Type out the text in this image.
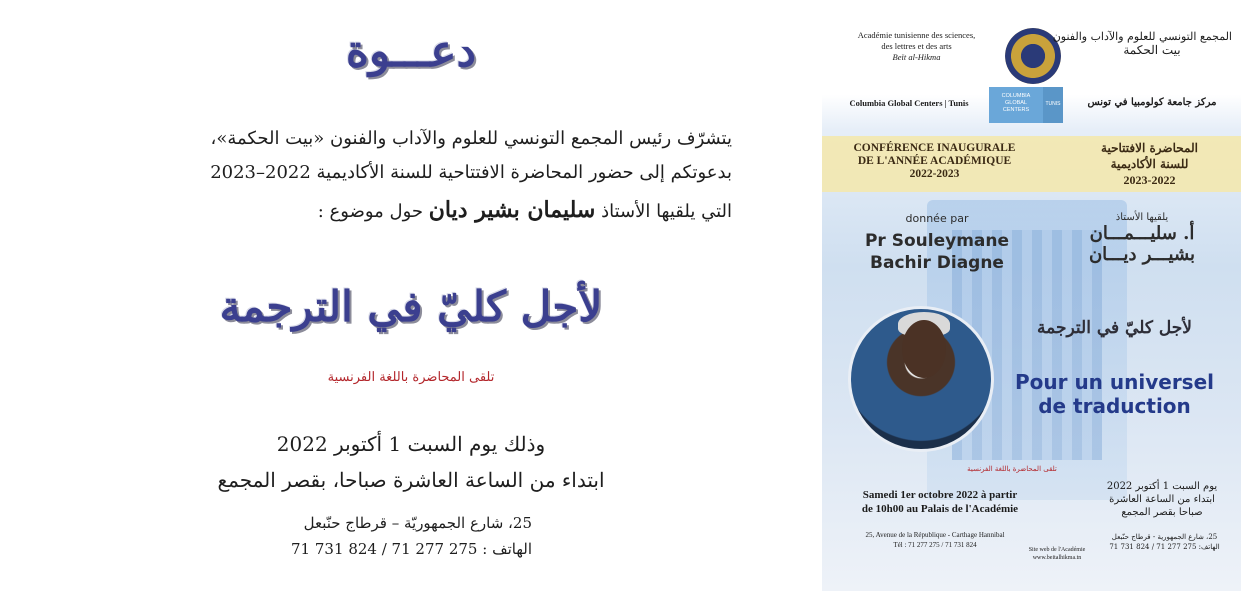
دعـــوة
يتشرّف رئيس المجمع التونسي للعلوم والآداب والفنون «بيت الحكمة»،
بدعوتكم إلى حضور المحاضرة الافتتاحية للسنة الأكاديمية 2022–2023
التي يلقيها الأستاذ سليمان بشير ديان حول موضوع :
لأجل كليّ في الترجمة
تلقى المحاضرة باللغة الفرنسية
وذلك يوم السبت 1 أكتوبر 2022
ابتداء من الساعة العاشرة صباحا، بقصر المجمع
25، شارع الجمهوريّة – قرطاج حنّبعل
الهاتف : 275 277 71 / 824 731 71
Académie tunisienne des sciences,
des lettres et des arts
Beït al-Hikma
المجمع التونسي للعلوم والآداب والفنون
بيت الحكمة
Columbia Global Centers | Tunis
COLUMBIA
GLOBAL
CENTERS
TUNIS	مركز جامعة كولومبيا في تونس
CONFÉRENCE INAUGURALE
DE L'ANNÉE ACADÉMIQUE
2022-2023
المحاضرة الافتتاحية
للسنة الأكاديمية
2023-2022
donnée par
Pr Souleymane
Bachir Diagne
يلقيها الأستاذ
أ. سليـــمـــان
بشيـــر ديـــان
لأجل كليّ في الترجمة
Pour un universel
de traduction
تلقى المحاضرة باللغة الفرنسية
Samedi 1er octobre 2022 à partir
de 10h00 au Palais de l'Académie
يوم السبت 1 أكتوبر 2022
ابتداء من الساعة العاشرة
صباحا بقصر المجمع
25, Avenue de la République - Carthage Hannibal
Tél : 71 277 275 / 71 731 824
25، شارع الجمهورية - قرطاج حنّبعل
الهاتف: 275 277 71 / 824 731 71
Site web de l'Académie
www.beitalhikma.tn
